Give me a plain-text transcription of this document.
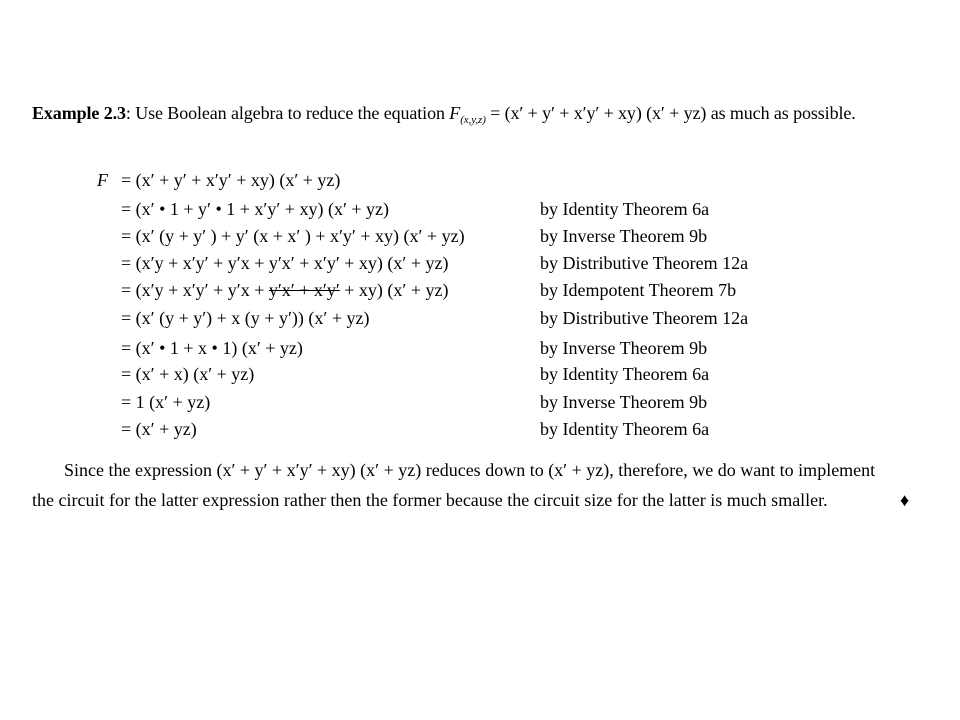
Example 2.3: Use Boolean algebra to reduce the equation $F_{(x,y,z)} = (x' + y' + x'y' + xy) (x' + yz)$ as much as possible.
F = (x′ + y′ + x′y′ + xy) (x′ + yz)
= (x′ • 1 + y′ • 1 + x′y′ + xy) (x′ + yz)	by Identity Theorem 6a
= (x′ (y + y′ ) + y′ (x + x′ ) + x′y′ + xy) (x′ + yz)	by Inverse Theorem 9b
= (x′y + x′y′ + y′x + y′x′ + x′y′ + xy) (x′ + yz)	by Distributive Theorem 12a
= (x′y + x′y′ + y′x + y′x′ + x′y′ + xy) (x′ + yz)	by Idempotent Theorem 7b
= (x′ (y + y′) + x (y + y′)) (x′ + yz)	by Distributive Theorem 12a
= (x′ • 1 + x • 1) (x′ + yz)	by Inverse Theorem 9b
= (x′ + x) (x′ + yz)	by Identity Theorem 6a
= 1 (x′ + yz)	by Inverse Theorem 9b
= (x′ + yz)	by Identity Theorem 6a
Since the expression (x′ + y′ + x′y′ + xy) (x′ + yz) reduces down to (x′ + yz), therefore, we do want to implement
the circuit for the latter expression rather then the former because the circuit size for the latter is much smaller.	♦
